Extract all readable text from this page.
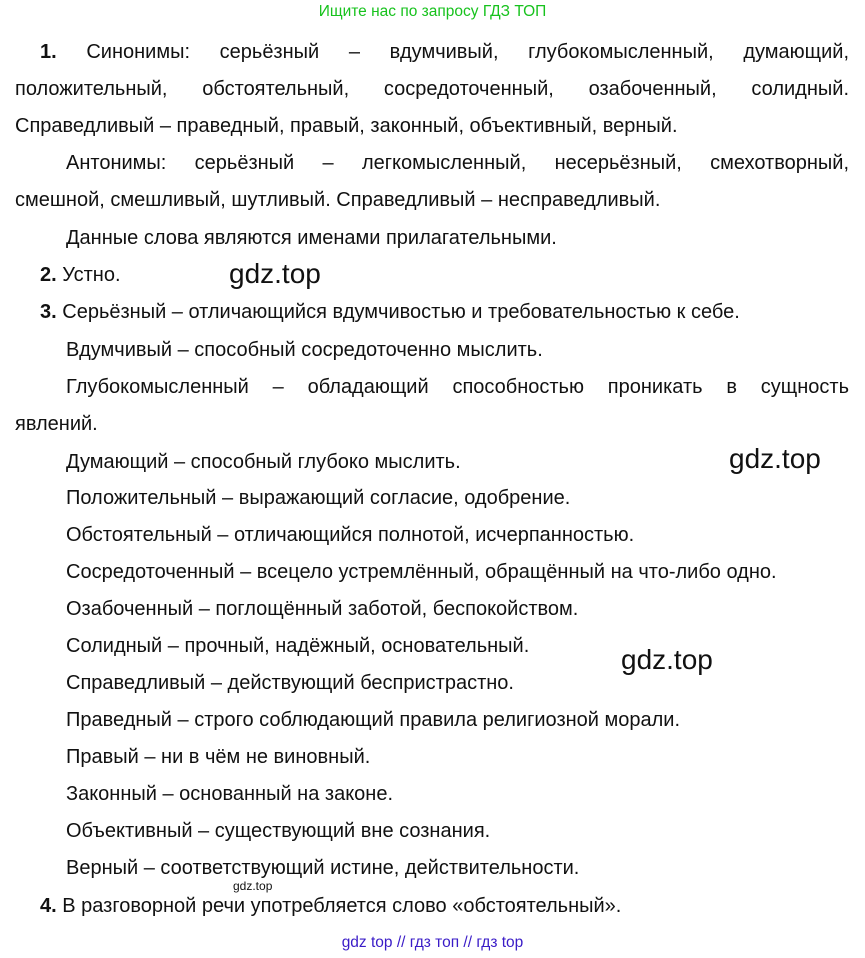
Ищите нас по запросу ГДЗ ТОП
1. Синонимы: серьёзный – вдумчивый, глубокомысленный, думающий,
положительный, обстоятельный, сосредоточенный, озабоченный, солидный.
Справедливый – праведный, правый, законный, объективный, верный.
Антонимы: серьёзный – легкомысленный, несерьёзный, смехотворный,
смешной, смешливый, шутливый. Справедливый – несправедливый.
Данные слова являются именами прилагательными.
2. Устно.
3. Серьёзный – отличающийся вдумчивостью и требовательностью к себе.
Вдумчивый – способный сосредоточенно мыслить.
Глубокомысленный – обладающий способностью проникать в сущность
явлений.
Думающий – способный глубоко мыслить.
Положительный – выражающий согласие, одобрение.
Обстоятельный – отличающийся полнотой, исчерпанностью.
Сосредоточенный – всецело устремлённый, обращённый на что-либо одно.
Озабоченный – поглощённый заботой, беспокойством.
Солидный – прочный, надёжный, основательный.
Справедливый – действующий беспристрастно.
Праведный – строго соблюдающий правила религиозной морали.
Правый – ни в чём не виновный.
Законный – основанный на законе.
Объективный – существующий вне сознания.
Верный – соответствующий истине, действительности.
4. В разговорной речи употребляется слово «обстоятельный».
gdz.top
gdz.top
gdz.top
gdz.top
gdz top // гдз топ // гдз top
